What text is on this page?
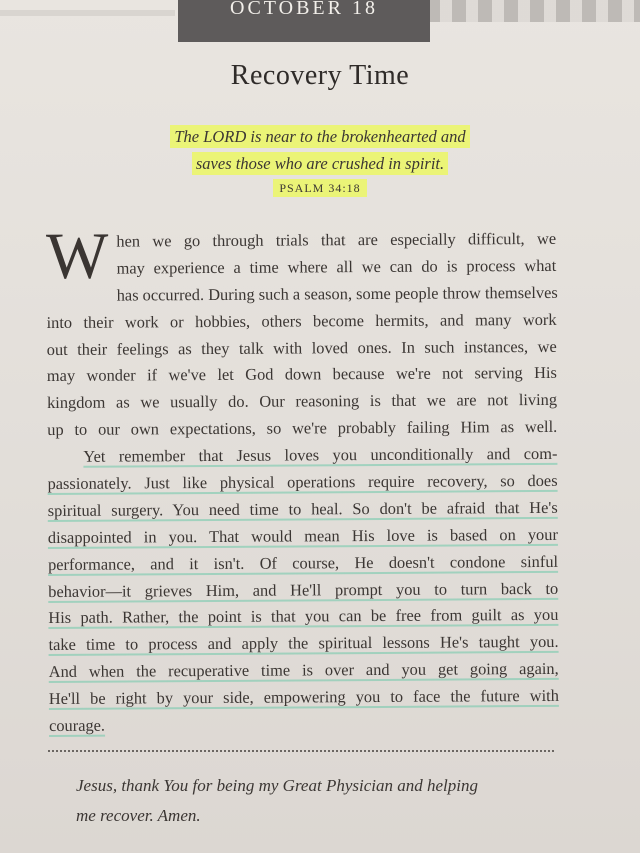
OCTOBER 18
Recovery Time
The LORD is near to the brokenhearted and
saves those who are crushed in spirit.
PSALM 34:18
W hen we go through trials that are especially difficult, we
may experience a time where all we can do is process what
has occurred. During such a season, some people throw themselves
into their work or hobbies, others become hermits, and many work
out their feelings as they talk with loved ones. In such instances, we
may wonder if we've let God down because we're not serving His
kingdom as we usually do. Our reasoning is that we are not living
up to our own expectations, so we're probably failing Him as well.
Yet remember that Jesus loves you unconditionally and com-
passionately. Just like physical operations require recovery, so does
spiritual surgery. You need time to heal. So don't be afraid that He's
disappointed in you. That would mean His love is based on your
performance, and it isn't. Of course, He doesn't condone sinful
behavior—it grieves Him, and He'll prompt you to turn back to
His path. Rather, the point is that you can be free from guilt as you
take time to process and apply the spiritual lessons He's taught you.
And when the recuperative time is over and you get going again,
He'll be right by your side, empowering you to face the future with
courage.
Jesus, thank You for being my Great Physician and helping
me recover. Amen.
